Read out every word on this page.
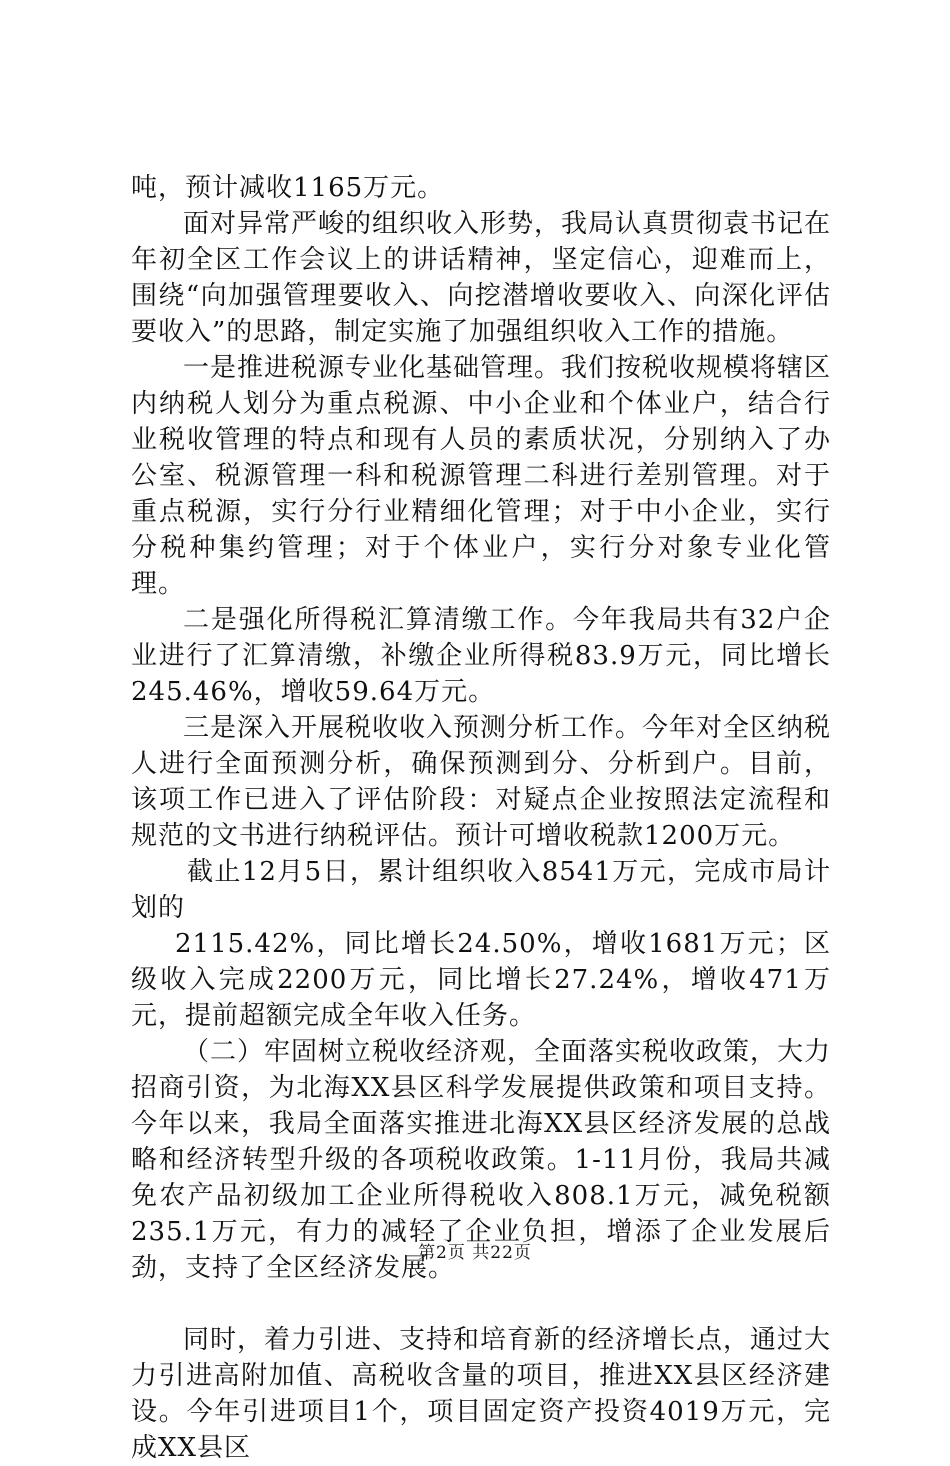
吨，预计减收1165万元。

面对异常严峻的组织收入形势，我局认真贯彻袁书记在年初全区工作会议上的讲话精神，坚定信心，迎难而上，围绕“向加强管理要收入、向挖潜增收要收入、向深化评估要收入”的思路，制定实施了加强组织收入工作的措施。

一是推进税源专业化基础管理。我们按税收规模将辖区内纳税人划分为重点税源、中小企业和个体业户，结合行业税收管理的特点和现有人员的素质状况，分别纳入了办公室、税源管理一科和税源管理二科进行差别管理。对于重点税源，实行分行业精细化管理；对于中小企业，实行分税种集约管理；对于个体业户，实行分对象专业化管理。

二是强化所得税汇算清缴工作。今年我局共有32户企业进行了汇算清缴，补缴企业所得税83.9万元，同比增长245.46%，增收59.64万元。

三是深入开展税收收入预测分析工作。今年对全区纳税人进行全面预测分析，确保预测到分、分析到户。目前，该项工作已进入了评估阶段：对疑点企业按照法定流程和规范的文书进行纳税评估。预计可增收税款1200万元。

截止12月5日，累计组织收入8541万元，完成市局计划的

2115.42%，同比增长24.50%，增收1681万元；区级收入完成2200万元，同比增长27.24%，增收471万元，提前超额完成全年收入任务。

（二）牢固树立税收经济观，全面落实税收政策，大力招商引资，为北海XX县区科学发展提供政策和项目支持。今年以来，我局全面落实推进北海XX县区经济发展的总战略和经济转型升级的各项税收政策。1-11月份，我局共减免农产品初级加工企业所得税收入808.1万元，减免税额235.1万元，有力的减轻了企业负担，增添了企业发展后劲，支持了全区经济发展。

同时，着力引进、支持和培育新的经济增长点，通过大力引进高附加值、高税收含量的项目，推进XX县区经济建设。今年引进项目1个，项目固定资产投资4019万元，完成XX县区

第2页 共22页
